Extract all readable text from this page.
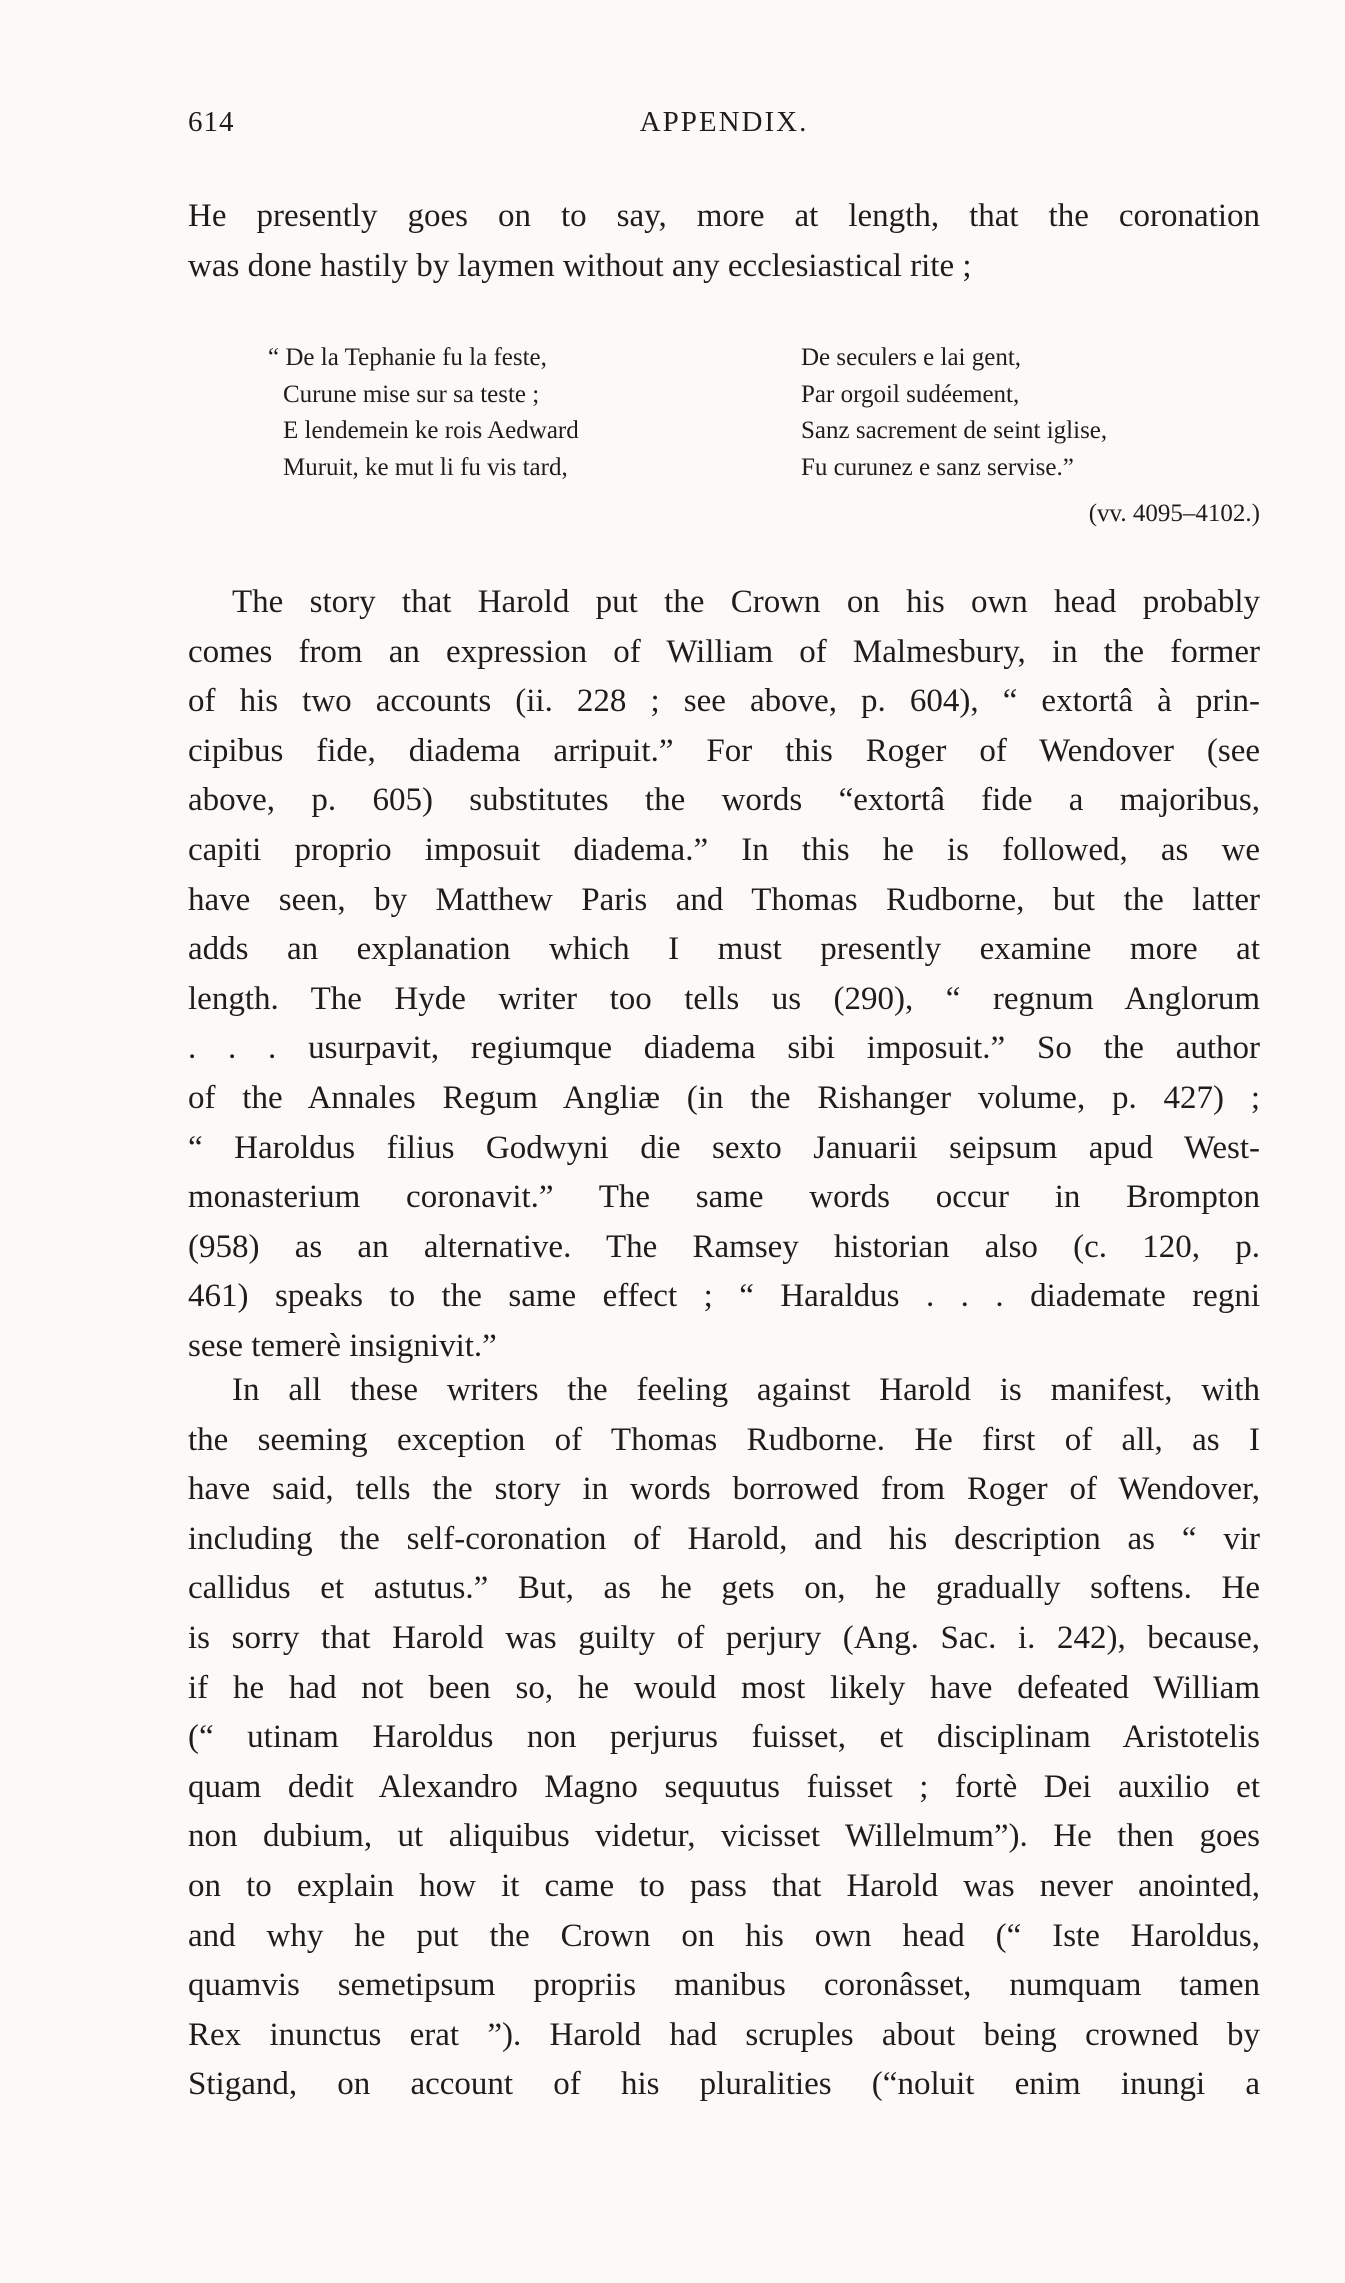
614	APPENDIX.
He presently goes on to say, more at length, that the coronation
was done hastily by laymen without any ecclesiastical rite ;
“ De la Tephanie fu la feste,
Curune mise sur sa teste ;
E lendemein ke rois Aedward
Muruit, ke mut li fu vis tard,
De seculers e lai gent,
Par orgoil sudéement,
Sanz sacrement de seint iglise,
Fu curunez e sanz servise.”
(vv. 4095–4102.)
The story that Harold put the Crown on his own head probably
comes from an expression of William of Malmesbury, in the former
of his two accounts (ii. 228 ; see above, p. 604), “ extortâ à prin-
cipibus fide, diadema arripuit.” For this Roger of Wendover (see
above, p. 605) substitutes the words “extortâ fide a majoribus,
capiti proprio imposuit diadema.” In this he is followed, as we
have seen, by Matthew Paris and Thomas Rudborne, but the latter
adds an explanation which I must presently examine more at
length. The Hyde writer too tells us (290), “ regnum Anglorum
. . . usurpavit, regiumque diadema sibi imposuit.” So the author
of the Annales Regum Angliæ (in the Rishanger volume, p. 427) ;
“ Haroldus filius Godwyni die sexto Januarii seipsum apud West-
monasterium coronavit.” The same words occur in Brompton
(958) as an alternative. The Ramsey historian also (c. 120, p.
461) speaks to the same effect ; “ Haraldus . . . diademate regni
sese temerè insignivit.”
In all these writers the feeling against Harold is manifest, with
the seeming exception of Thomas Rudborne. He first of all, as I
have said, tells the story in words borrowed from Roger of Wendover,
including the self-coronation of Harold, and his description as “ vir
callidus et astutus.” But, as he gets on, he gradually softens. He
is sorry that Harold was guilty of perjury (Ang. Sac. i. 242), because,
if he had not been so, he would most likely have defeated William
(“ utinam Haroldus non perjurus fuisset, et disciplinam Aristotelis
quam dedit Alexandro Magno sequutus fuisset ; fortè Dei auxilio et
non dubium, ut aliquibus videtur, vicisset Willelmum”). He then goes
on to explain how it came to pass that Harold was never anointed,
and why he put the Crown on his own head (“ Iste Haroldus,
quamvis semetipsum propriis manibus coronâsset, numquam tamen
Rex inunctus erat ”). Harold had scruples about being crowned by
Stigand, on account of his pluralities (“noluit enim inungi a
